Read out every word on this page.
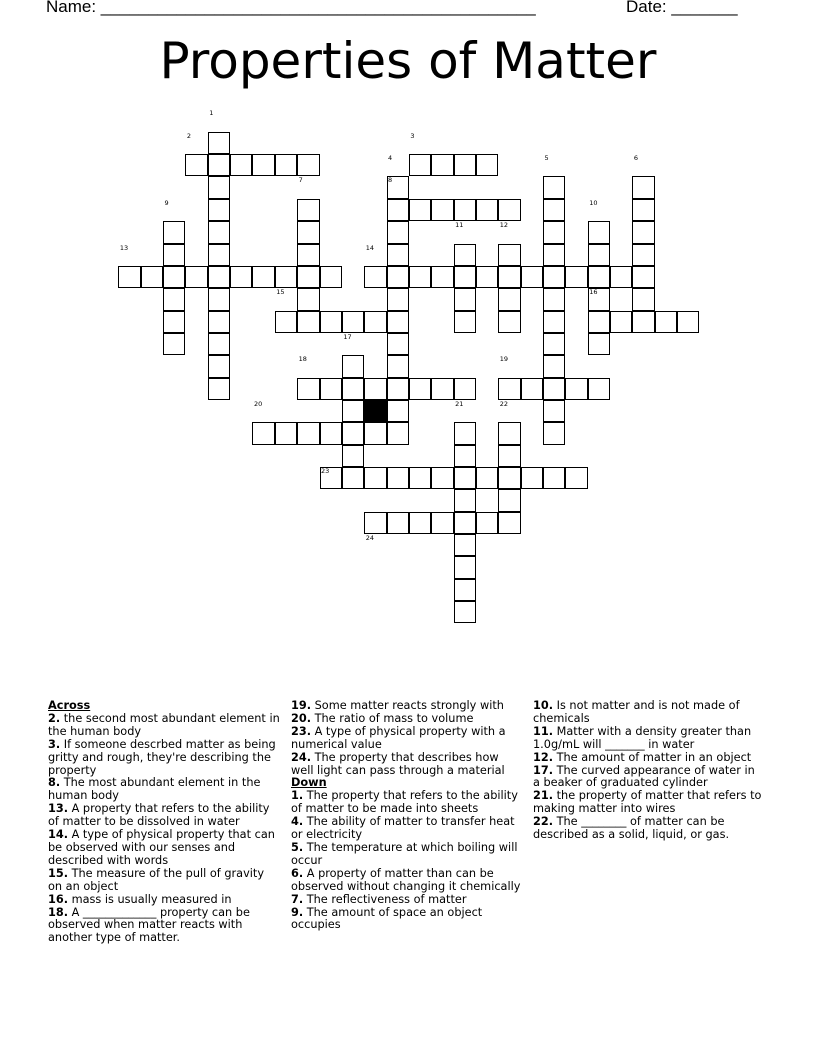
Name: ______________________________________________	Date: _______
Properties of Matter
1
2	3
4	5	6
7	8
9	10
11	12
13	14
15	16
17
18	19
20	21	22
23
24

Across

2. the second most abundant element in the human body

3. If someone descrbed matter as being gritty and rough, they're describing the property

8. The most abundant element in the human body

13. A property that refers to the ability of matter to be dissolved in water

14. A type of physical property that can be observed with our senses and described with words

15. The measure of the pull of gravity on an object

16. mass is usually measured in

18. A _____________ property can be observed when matter reacts with another type of matter.

19. Some matter reacts strongly with

20. The ratio of mass to volume

23. A type of physical property with a numerical value

24. The property that describes how well light can pass through a material

Down

1. The property that refers to the ability of matter to be made into sheets

4. The ability of matter to transfer heat or electricity

5. The temperature at which boiling will occur

6. A property of matter than can be observed without changing it chemically

7. The reflectiveness of matter

9. The amount of space an object occupies

10. Is not matter and is not made of chemicals

11. Matter with a density greater than 1.0g/mL will _______ in water

12. The amount of matter in an object

17. The curved appearance of water in a beaker of graduated cylinder

21. the property of matter that refers to making matter into wires

22. The ________ of matter can be described as a solid, liquid, or gas.
